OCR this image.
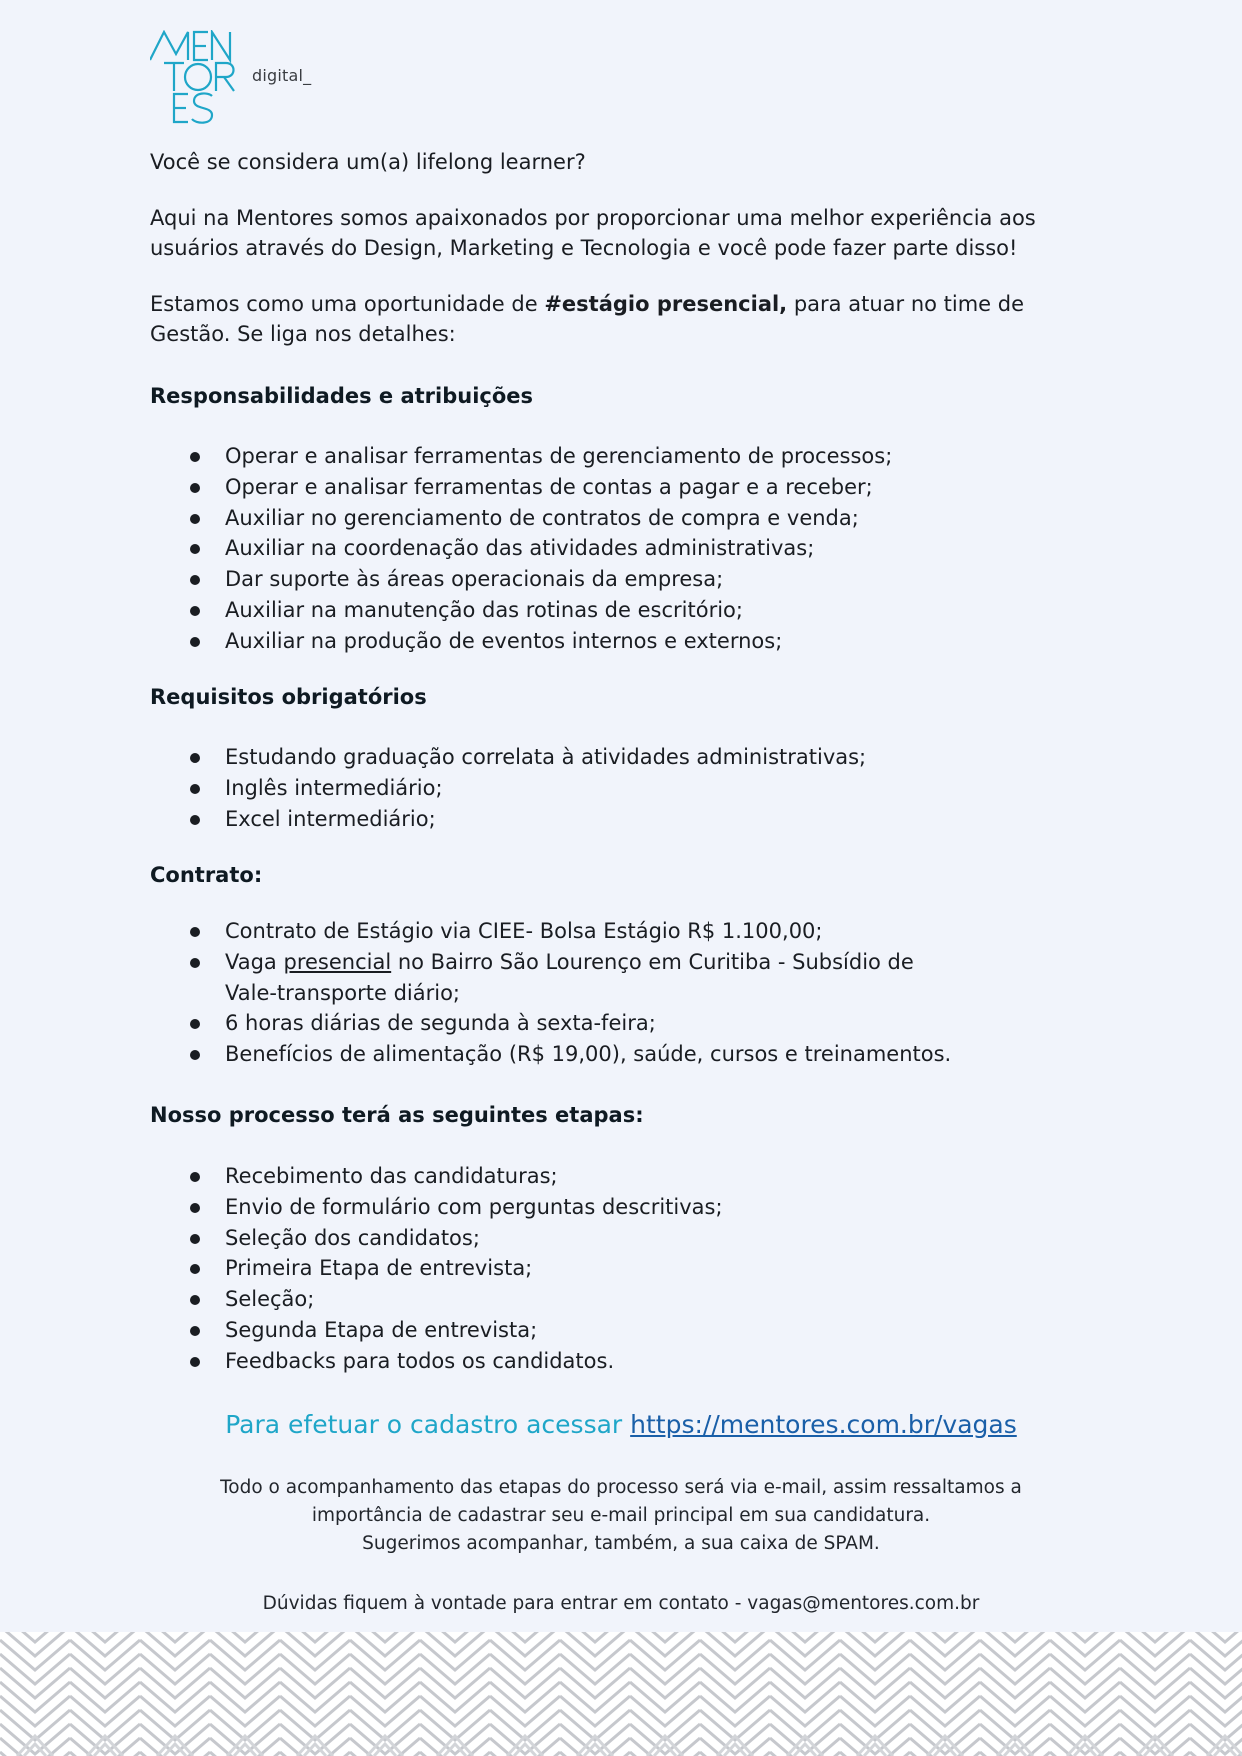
digital_

Você se considera um(a) lifelong learner?

Aqui na Mentores somos apaixonados por proporcionar uma melhor experiência aos usuários através do Design, Marketing e Tecnologia e você pode fazer parte disso!

Estamos como uma oportunidade de #estágio presencial, para atuar no time de Gestão. Se liga nos detalhes:

Responsabilidades e atribuições
Operar e analisar ferramentas de gerenciamento de processos;
Operar e analisar ferramentas de contas a pagar e a receber;
Auxiliar no gerenciamento de contratos de compra e venda;
Auxiliar na coordenação das atividades administrativas;
Dar suporte às áreas operacionais da empresa;
Auxiliar na manutenção das rotinas de escritório;
Auxiliar na produção de eventos internos e externos;
Requisitos obrigatórios
Estudando graduação correlata à atividades administrativas;
Inglês intermediário;
Excel intermediário;
Contrato:
Contrato de Estágio via CIEE- Bolsa Estágio R$ 1.100,00;
Vaga presencial no Bairro São Lourenço em Curitiba - Subsídio de Vale-transporte diário;
6 horas diárias de segunda à sexta-feira;
Benefícios de alimentação (R$ 19,00), saúde, cursos e treinamentos.
Nosso processo terá as seguintes etapas:
Recebimento das candidaturas;
Envio de formulário com perguntas descritivas;
Seleção dos candidatos;
Primeira Etapa de entrevista;
Seleção;
Segunda Etapa de entrevista;
Feedbacks para todos os candidatos.
Para efetuar o cadastro acessar https://mentores.com.br/vagas
Todo o acompanhamento das etapas do processo será via e-mail, assim ressaltamos a
importância de cadastrar seu e-mail principal em sua candidatura.
Sugerimos acompanhar, também, a sua caixa de SPAM.
Dúvidas fiquem à vontade para entrar em contato - vagas@mentores.com.br
